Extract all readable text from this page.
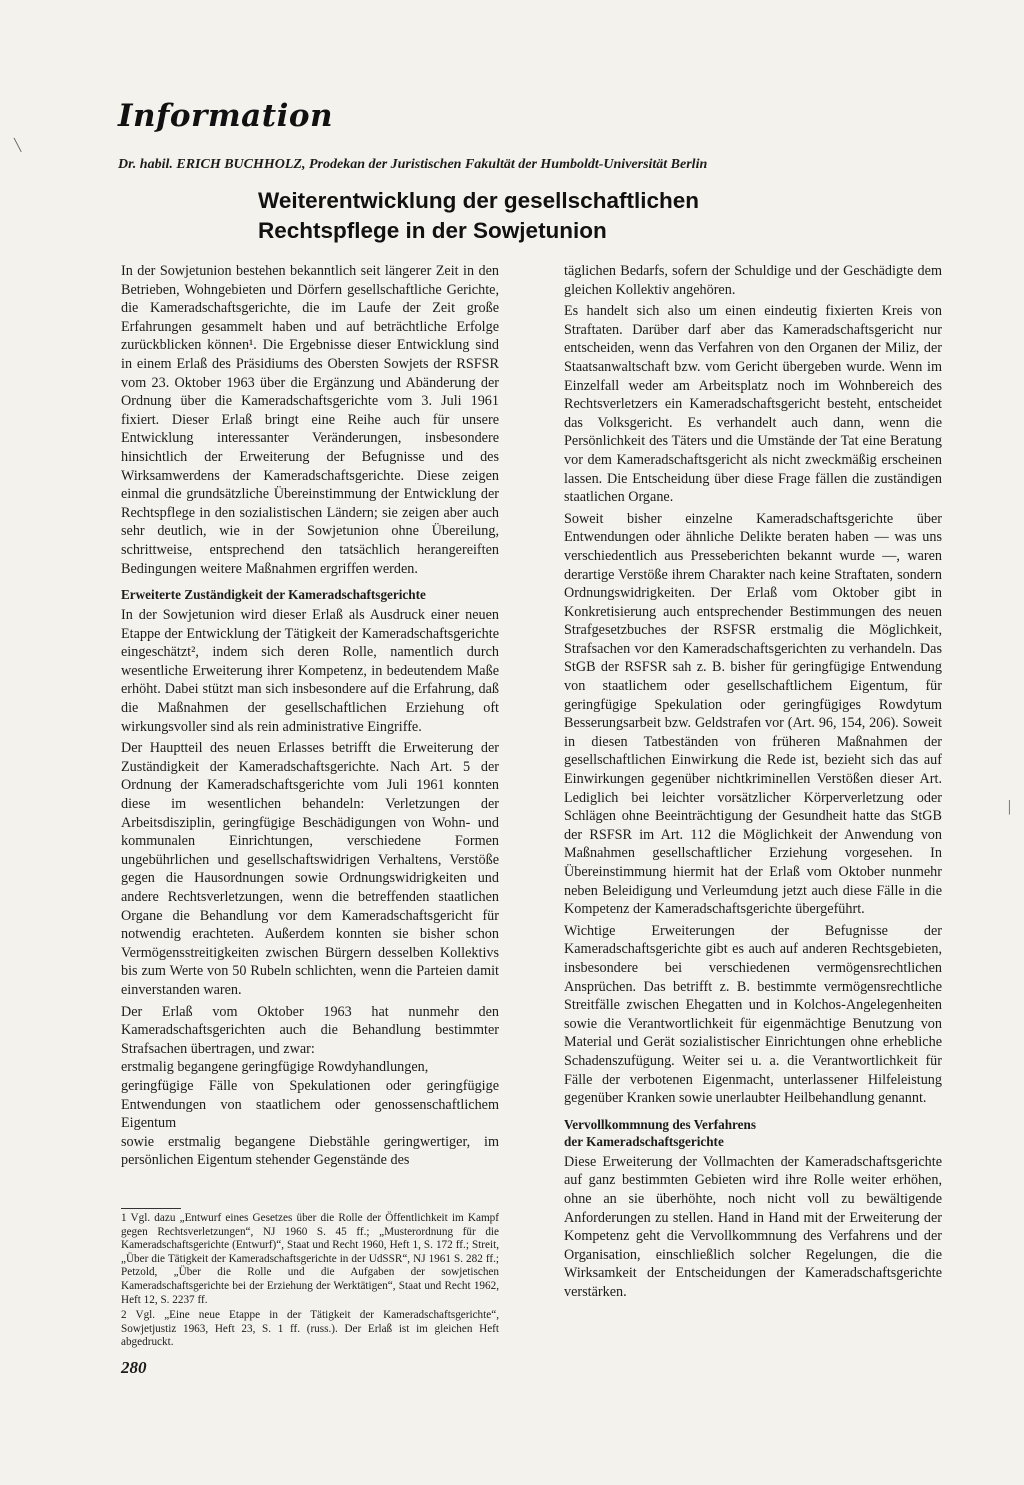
Information
Dr. habil. ERICH BUCHHOLZ, Prodekan der Juristischen Fakultät der Humboldt-Universität Berlin
Weiterentwicklung der gesellschaftlichen
Rechtspflege in der Sowjetunion

In der Sowjetunion bestehen bekanntlich seit längerer Zeit in den Betrieben, Wohngebieten und Dörfern gesellschaftliche Gerichte, die Kameradschaftsgerichte, die im Laufe der Zeit große Erfahrungen gesammelt haben und auf beträchtliche Erfolge zurückblicken können¹. Die Ergebnisse dieser Entwicklung sind in einem Erlaß des Präsidiums des Obersten Sowjets der RSFSR vom 23. Oktober 1963 über die Ergänzung und Abänderung der Ordnung über die Kameradschaftsgerichte vom 3. Juli 1961 fixiert. Dieser Erlaß bringt eine Reihe auch für unsere Entwicklung interessanter Veränderungen, insbesondere hinsichtlich der Erweiterung der Befugnisse und des Wirksamwerdens der Kameradschaftsgerichte. Diese zeigen einmal die grundsätzliche Übereinstimmung der Entwicklung der Rechtspflege in den sozialistischen Ländern; sie zeigen aber auch sehr deutlich, wie in der Sowjetunion ohne Übereilung, schrittweise, entsprechend den tatsächlich herangereiften Bedingungen weitere Maßnahmen ergriffen werden.

Erweiterte Zuständigkeit der Kameradschaftsgerichte

In der Sowjetunion wird dieser Erlaß als Ausdruck einer neuen Etappe der Entwicklung der Tätigkeit der Kameradschaftsgerichte eingeschätzt², indem sich deren Rolle, namentlich durch wesentliche Erweiterung ihrer Kompetenz, in bedeutendem Maße erhöht. Dabei stützt man sich insbesondere auf die Erfahrung, daß die Maßnahmen der gesellschaftlichen Erziehung oft wirkungsvoller sind als rein administrative Eingriffe.

Der Hauptteil des neuen Erlasses betrifft die Erweiterung der Zuständigkeit der Kameradschaftsgerichte. Nach Art. 5 der Ordnung der Kameradschaftsgerichte vom Juli 1961 konnten diese im wesentlichen behandeln: Verletzungen der Arbeitsdisziplin, geringfügige Beschädigungen von Wohn- und kommunalen Einrichtungen, verschiedene Formen ungebührlichen und gesellschaftswidrigen Verhaltens, Verstöße gegen die Hausordnungen sowie Ordnungswidrigkeiten und andere Rechtsverletzungen, wenn die betreffenden staatlichen Organe die Behandlung vor dem Kameradschaftsgericht für notwendig erachteten. Außerdem konnten sie bisher schon Vermögensstreitigkeiten zwischen Bürgern desselben Kollektivs bis zum Werte von 50 Rubeln schlichten, wenn die Parteien damit einverstanden waren.

Der Erlaß vom Oktober 1963 hat nunmehr den Kameradschaftsgerichten auch die Behandlung bestimmter Strafsachen übertragen, und zwar:

erstmalig begangene geringfügige Rowdyhandlungen,
geringfügige Fälle von Spekulationen oder geringfügige Entwendungen von staatlichem oder genossenschaftlichem Eigentum
sowie erstmalig begangene Diebstähle geringwertiger, im persönlichen Eigentum stehender Gegenstände des

1 Vgl. dazu „Entwurf eines Gesetzes über die Rolle der Öffentlichkeit im Kampf gegen Rechtsverletzungen“, NJ 1960 S. 45 ff.; „Musterordnung für die Kameradschaftsgerichte (Entwurf)“, Staat und Recht 1960, Heft 1, S. 172 ff.; Streit, „Über die Tätigkeit der Kameradschaftsgerichte in der UdSSR“, NJ 1961 S. 282 ff.; Petzold, „Über die Rolle und die Aufgaben der sowjetischen Kameradschaftsgerichte bei der Erziehung der Werktätigen“, Staat und Recht 1962, Heft 12, S. 2237 ff.

2 Vgl. „Eine neue Etappe in der Tätigkeit der Kameradschaftsgerichte“, Sowjetjustiz 1963, Heft 23, S. 1 ff. (russ.). Der Erlaß ist im gleichen Heft abgedruckt.

280

täglichen Bedarfs, sofern der Schuldige und der Geschädigte dem gleichen Kollektiv angehören.

Es handelt sich also um einen eindeutig fixierten Kreis von Straftaten. Darüber darf aber das Kameradschaftsgericht nur entscheiden, wenn das Verfahren von den Organen der Miliz, der Staatsanwaltschaft bzw. vom Gericht übergeben wurde. Wenn im Einzelfall weder am Arbeitsplatz noch im Wohnbereich des Rechtsverletzers ein Kameradschaftsgericht besteht, entscheidet das Volksgericht. Es verhandelt auch dann, wenn die Persönlichkeit des Täters und die Umstände der Tat eine Beratung vor dem Kameradschaftsgericht als nicht zweckmäßig erscheinen lassen. Die Entscheidung über diese Frage fällen die zuständigen staatlichen Organe.

Soweit bisher einzelne Kameradschaftsgerichte über Entwendungen oder ähnliche Delikte beraten haben — was uns verschiedentlich aus Presseberichten bekannt wurde —, waren derartige Verstöße ihrem Charakter nach keine Straftaten, sondern Ordnungswidrigkeiten. Der Erlaß vom Oktober gibt in Konkretisierung auch entsprechender Bestimmungen des neuen Strafgesetzbuches der RSFSR erstmalig die Möglichkeit, Strafsachen vor den Kameradschaftsgerichten zu verhandeln. Das StGB der RSFSR sah z. B. bisher für geringfügige Entwendung von staatlichem oder gesellschaftlichem Eigentum, für geringfügige Spekulation oder geringfügiges Rowdytum Besserungsarbeit bzw. Geldstrafen vor (Art. 96, 154, 206). Soweit in diesen Tatbeständen von früheren Maßnahmen der gesellschaftlichen Einwirkung die Rede ist, bezieht sich das auf Einwirkungen gegenüber nichtkriminellen Verstößen dieser Art. Lediglich bei leichter vorsätzlicher Körperverletzung oder Schlägen ohne Beeinträchtigung der Gesundheit hatte das StGB der RSFSR im Art. 112 die Möglichkeit der Anwendung von Maßnahmen gesellschaftlicher Erziehung vorgesehen. In Übereinstimmung hiermit hat der Erlaß vom Oktober nunmehr neben Beleidigung und Verleumdung jetzt auch diese Fälle in die Kompetenz der Kameradschaftsgerichte übergeführt.

Wichtige Erweiterungen der Befugnisse der Kameradschaftsgerichte gibt es auch auf anderen Rechtsgebieten, insbesondere bei verschiedenen vermögensrechtlichen Ansprüchen. Das betrifft z. B. bestimmte vermögensrechtliche Streitfälle zwischen Ehegatten und in Kolchos-Angelegenheiten sowie die Verantwortlichkeit für eigenmächtige Benutzung von Material und Gerät sozialistischer Einrichtungen ohne erhebliche Schadenszufügung. Weiter sei u. a. die Verantwortlichkeit für Fälle der verbotenen Eigenmacht, unterlassener Hilfeleistung gegenüber Kranken sowie unerlaubter Heilbehandlung genannt.

Vervollkommnung des Verfahrens
der Kameradschaftsgerichte

Diese Erweiterung der Vollmachten der Kameradschaftsgerichte auf ganz bestimmten Gebieten wird ihre Rolle weiter erhöhen, ohne an sie überhöhte, noch nicht voll zu bewältigende Anforderungen zu stellen. Hand in Hand mit der Erweiterung der Kompetenz geht die Vervollkommnung des Verfahrens und der Organisation, einschließlich solcher Regelungen, die die Wirksamkeit der Entscheidungen der Kameradschaftsgerichte verstärken.

╲
│
